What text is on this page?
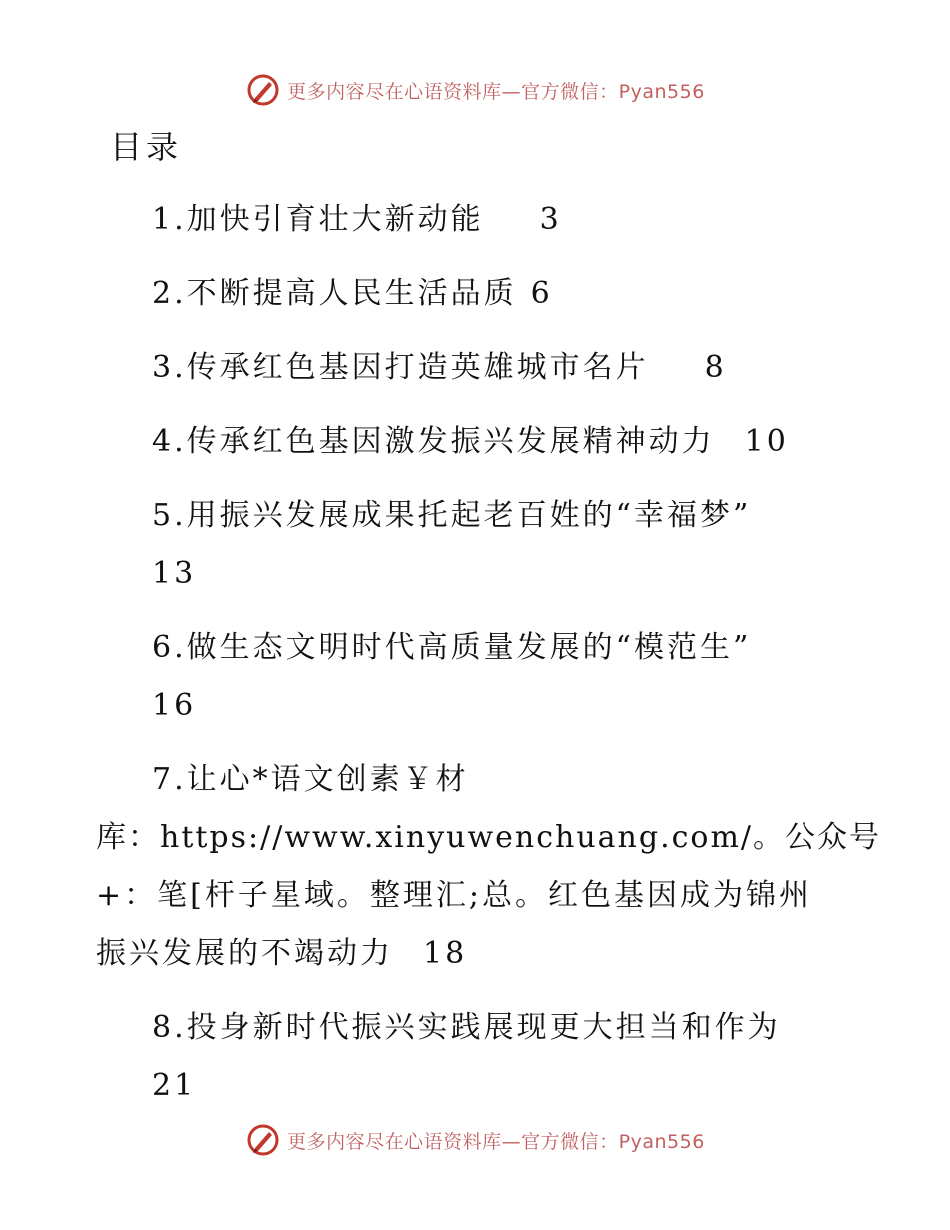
更多内容尽在心语资料库—官方微信：Pyan556
目录

1.加快引育壮大新动能 3

2.不断提高人民生活品质 6

3.传承红色基因打造英雄城市名片 8

4.传承红色基因激发振兴发展精神动力 10

5.用振兴发展成果托起老百姓的“幸福梦”

13

6.做生态文明时代高质量发展的“模范生”

16

7.让心*语文创素￥材

库：https://www.xinyuwenchuang.com/。公众号

+：笔[杆子星域。整理汇;总。红色基因成为锦州

振兴发展的不竭动力 18

8.投身新时代振兴实践展现更大担当和作为

21

更多内容尽在心语资料库—官方微信：Pyan556
